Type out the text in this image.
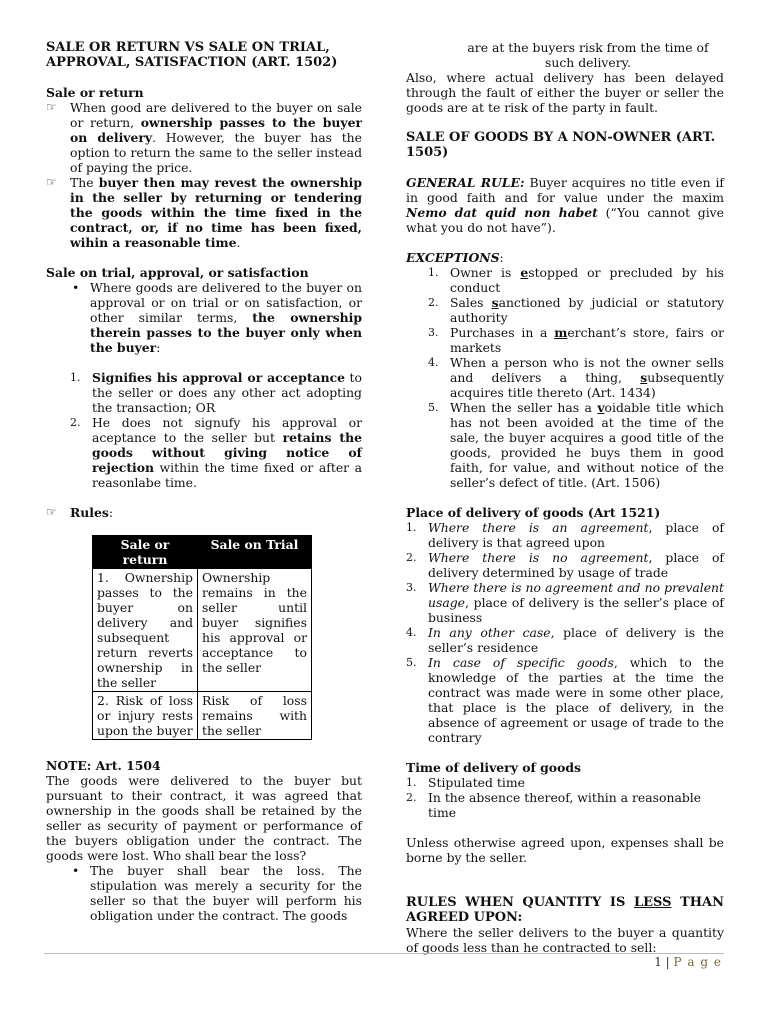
SALE OR RETURN VS SALE ON TRIAL, APPROVAL, SATISFACTION (ART. 1502)

Sale or return

☞	When good are delivered to the buyer on sale or return, ownership passes to the buyer on delivery. However, the buyer has the option to return the same to the seller instead of paying the price.
☞	The buyer then may revest the ownership in the seller by returning or tendering the goods within the time fixed in the contract, or, if no time has been fixed, wihin a reasonable time.

Sale on trial, approval, or satisfaction

• Where goods are delivered to the buyer on approval or on trial or on satisfaction, or other similar terms, the ownership therein passes to the buyer only when the buyer:
1. Signifies his approval or acceptance to the seller or does any other act adopting the transaction; OR
2. He does not signufy his approval or aceptance to the seller but retains the goods without giving notice of rejection within the time fixed or after a reasonlabe time.
☞	Rules:
Sale or return	Sale on Trial
1. Ownership passes to the buyer on delivery and subsequent return reverts ownership in the seller	Ownership remains in the seller until buyer signifies his approval or acceptance to the seller
2. Risk of loss or injury rests upon the buyer	Risk of loss remains with the seller

NOTE: Art. 1504

The goods were delivered to the buyer but pursuant to their contract, it was agreed that ownership in the goods shall be retained by the seller as security of payment or performance of the buyers obligation under the contract. The goods were lost. Who shall bear the loss?

• The buyer shall bear the loss. The stipulation was merely a security for the seller so that the buyer will perform his obligation under the contract. The goods

are at the buyers risk from the time of such delivery.

Also, where actual delivery has been delayed through the fault of either the buyer or seller the goods are at te risk of the party in fault.

SALE OF GOODS BY A NON-OWNER (ART. 1505)

GENERAL RULE: Buyer acquires no title even if in good faith and for value under the maxim Nemo dat quid non habet (“You cannot give what you do not have”).

EXCEPTIONS:

1. Owner is estopped or precluded by his conduct
2. Sales sanctioned by judicial or statutory authority
3. Purchases in a merchant’s store, fairs or markets
4. When a person who is not the owner sells and delivers a thing, subsequently acquires title thereto (Art. 1434)
5. When the seller has a voidable title which has not been avoided at the time of the sale, the buyer acquires a good title of the goods, provided he buys them in good faith, for value, and without notice of the seller’s defect of title. (Art. 1506)

Place of delivery of goods (Art 1521)

1. Where there is an agreement, place of delivery is that agreed upon
2. Where there is no agreement, place of delivery determined by usage of trade
3. Where there is no agreement and no prevalent usage, place of delivery is the seller’s place of business
4. In any other case, place of delivery is the seller’s residence
5. In case of specific goods, which to the knowledge of the parties at the time the contract was made were in some other place, that place is the place of delivery, in the absence of agreement or usage of trade to the contrary

Time of delivery of goods

1. Stipulated time
2. In the absence thereof, within a reasonable time

Unless otherwise agreed upon, expenses shall be borne by the seller.

RULES WHEN QUANTITY IS LESS THAN AGREED UPON:

Where the seller delivers to the buyer a quantity of goods less than he contracted to sell:

1 | P a g e
